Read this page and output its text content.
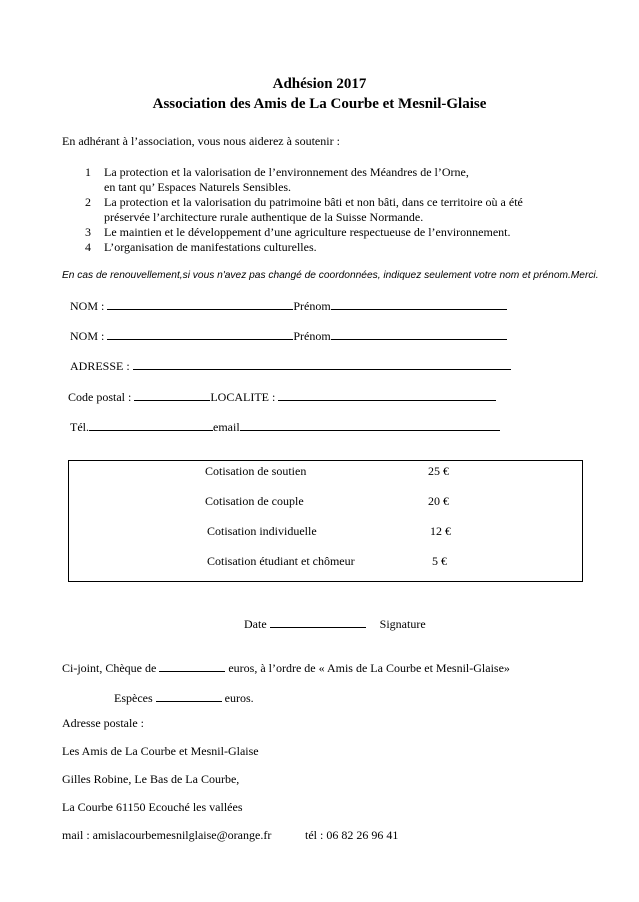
Adhésion 2017
Association des Amis de La Courbe et Mesnil-Glaise
En adhérant à l’association, vous nous aiderez à soutenir :
1 La protection et la valorisation de l’environnement des Méandres de l’Orne,
en tant qu’ Espaces Naturels Sensibles.
2 La protection et la valorisation du patrimoine bâti et non bâti, dans ce territoire où a été
préservée l’architecture rurale authentique de la Suisse Normande.
3 Le maintien et le développement d’une agriculture respectueuse de l’environnement.
4 L’organisation de manifestations culturelles.
En cas de renouvellement,si vous n'avez pas changé de coordonnées, indiquez seulement votre nom et prénom.Merci.
NOM :	Prénom
NOM :	Prénom
ADRESSE :
Code postal :	LOCALITE :
Tél.	email
Cotisation de soutien	25 €
Cotisation de couple	20 €
Cotisation individuelle	12 €
Cotisation étudiant et chômeur	5 €
Date	Signature
Ci-joint, Chèque de	euros, à l’ordre de « Amis de La Courbe et Mesnil-Glaise»
Espèces	euros.
Adresse postale :
Les Amis de La Courbe et Mesnil-Glaise
Gilles Robine, Le Bas de La Courbe,
La Courbe 61150 Ecouché les vallées
mail : amislacourbemesnilglaise@orange.fr	tél : 06 82 26 96 41
